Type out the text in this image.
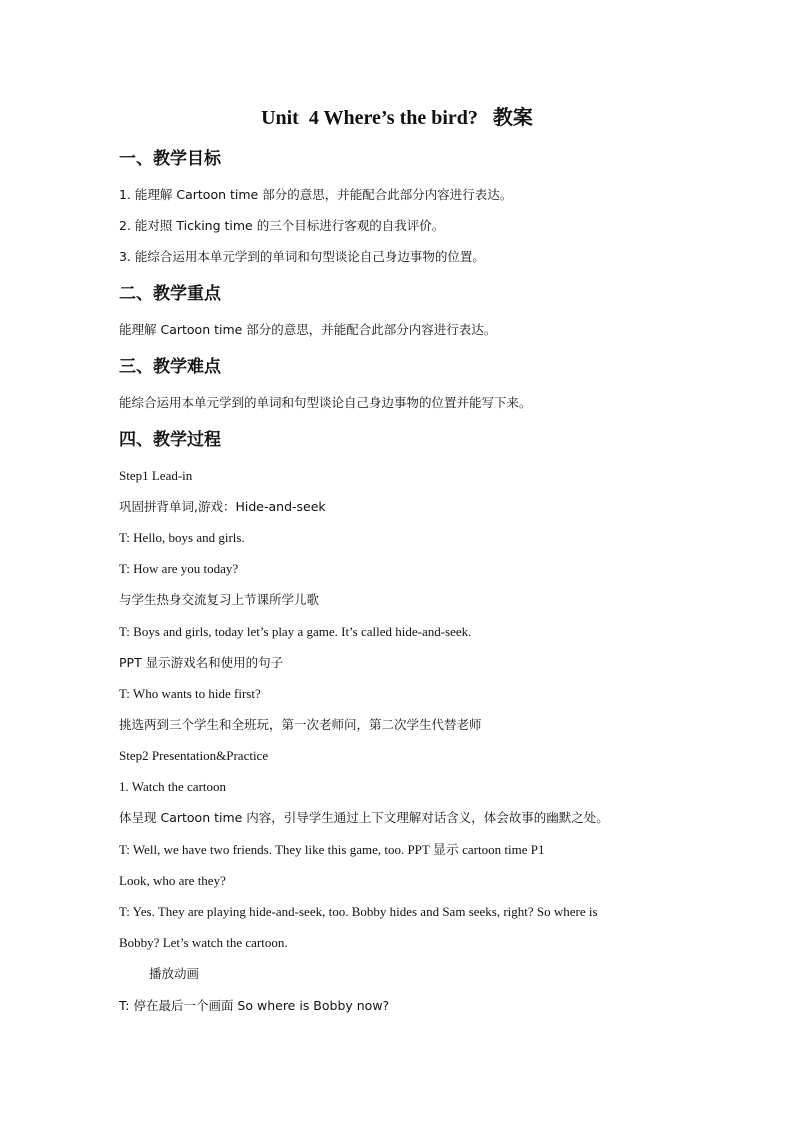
Unit  4 Where’s the bird?   教案
一、教学目标
1. 能理解 Cartoon time 部分的意思，并能配合此部分内容进行表达。
2. 能对照 Ticking time 的三个目标进行客观的自我评价。
3. 能综合运用本单元学到的单词和句型谈论自己身边事物的位置。
二、教学重点
能理解 Cartoon time 部分的意思，并能配合此部分内容进行表达。
三、教学难点
能综合运用本单元学到的单词和句型谈论自己身边事物的位置并能写下来。
四、教学过程
Step1 Lead-in
巩固拼背单词,游戏：Hide-and-seek
T: Hello, boys and girls.
T: How are you today?
与学生热身交流复习上节课所学儿歌
T: Boys and girls, today let’s play a game. It’s called hide-and-seek.
PPT 显示游戏名和使用的句子
T: Who wants to hide first?
挑选两到三个学生和全班玩，第一次老师问，第二次学生代替老师
Step2 Presentation&Practice
1. Watch the cartoon
体呈现 Cartoon time 内容，引导学生通过上下文理解对话含义，体会故事的幽默之处。
T: Well, we have two friends. They like this game, too. PPT 显示 cartoon time P1
Look, who are they?
T: Yes. They are playing hide-and-seek, too. Bobby hides and Sam seeks, right? So where is
Bobby? Let’s watch the cartoon.
播放动画
T: 停在最后一个画面 So where is Bobby now?
